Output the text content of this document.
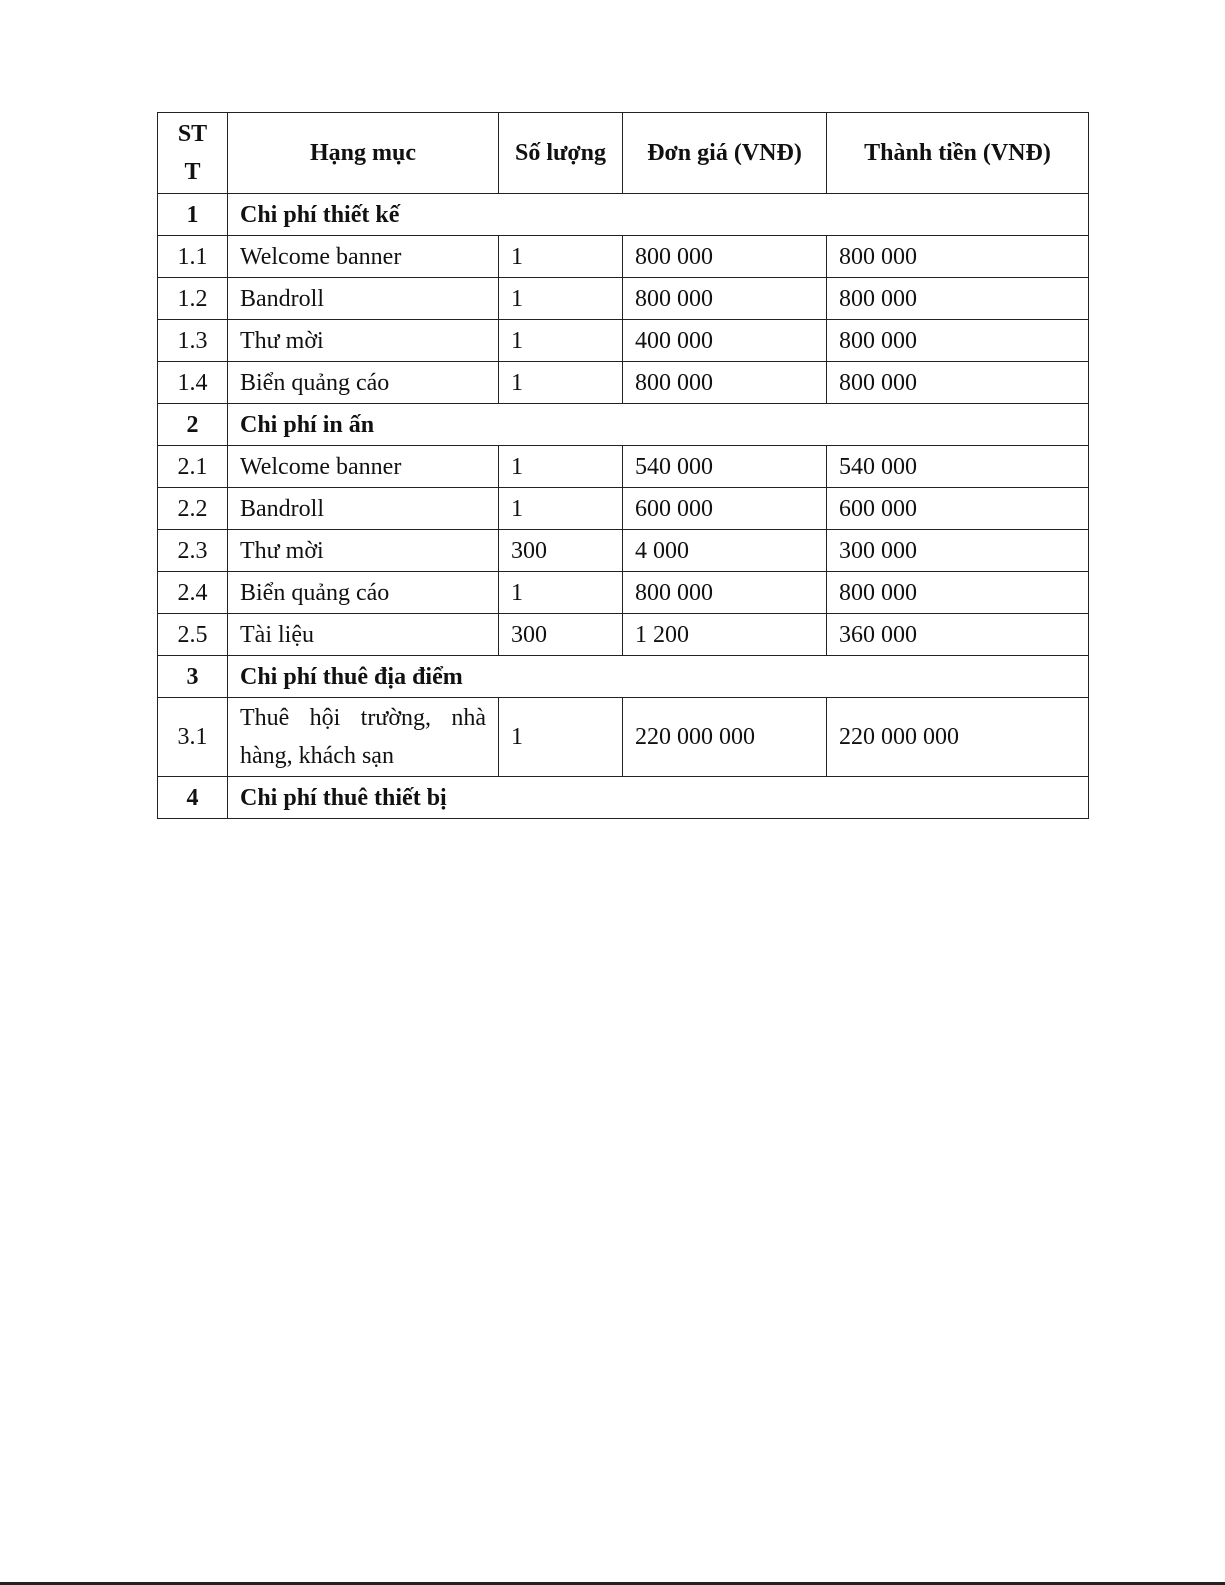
ST T	Hạng mục	Số lượng	Đơn giá (VNĐ)	Thành tiền (VNĐ)
1	Chi phí thiết kế			
1.1	Welcome banner	1	800 000	800 000
1.2	Bandroll	1	800 000	800 000
1.3	Thư mời	1	400 000	800 000
1.4	Biển quảng cáo	1	800 000	800 000
2	Chi phí in ấn			
2.1	Welcome banner	1	540 000	540 000
2.2	Bandroll	1	600 000	600 000
2.3	Thư mời	300	4 000	300 000
2.4	Biển quảng cáo	1	800 000	800 000
2.5	Tài liệu	300	1 200	360 000
3	Chi phí thuê địa điểm			
3.1	Thuê hội trường, nhà hàng, khách sạn	1	220 000 000	220 000 000
4	Chi phí thuê thiết bị			
